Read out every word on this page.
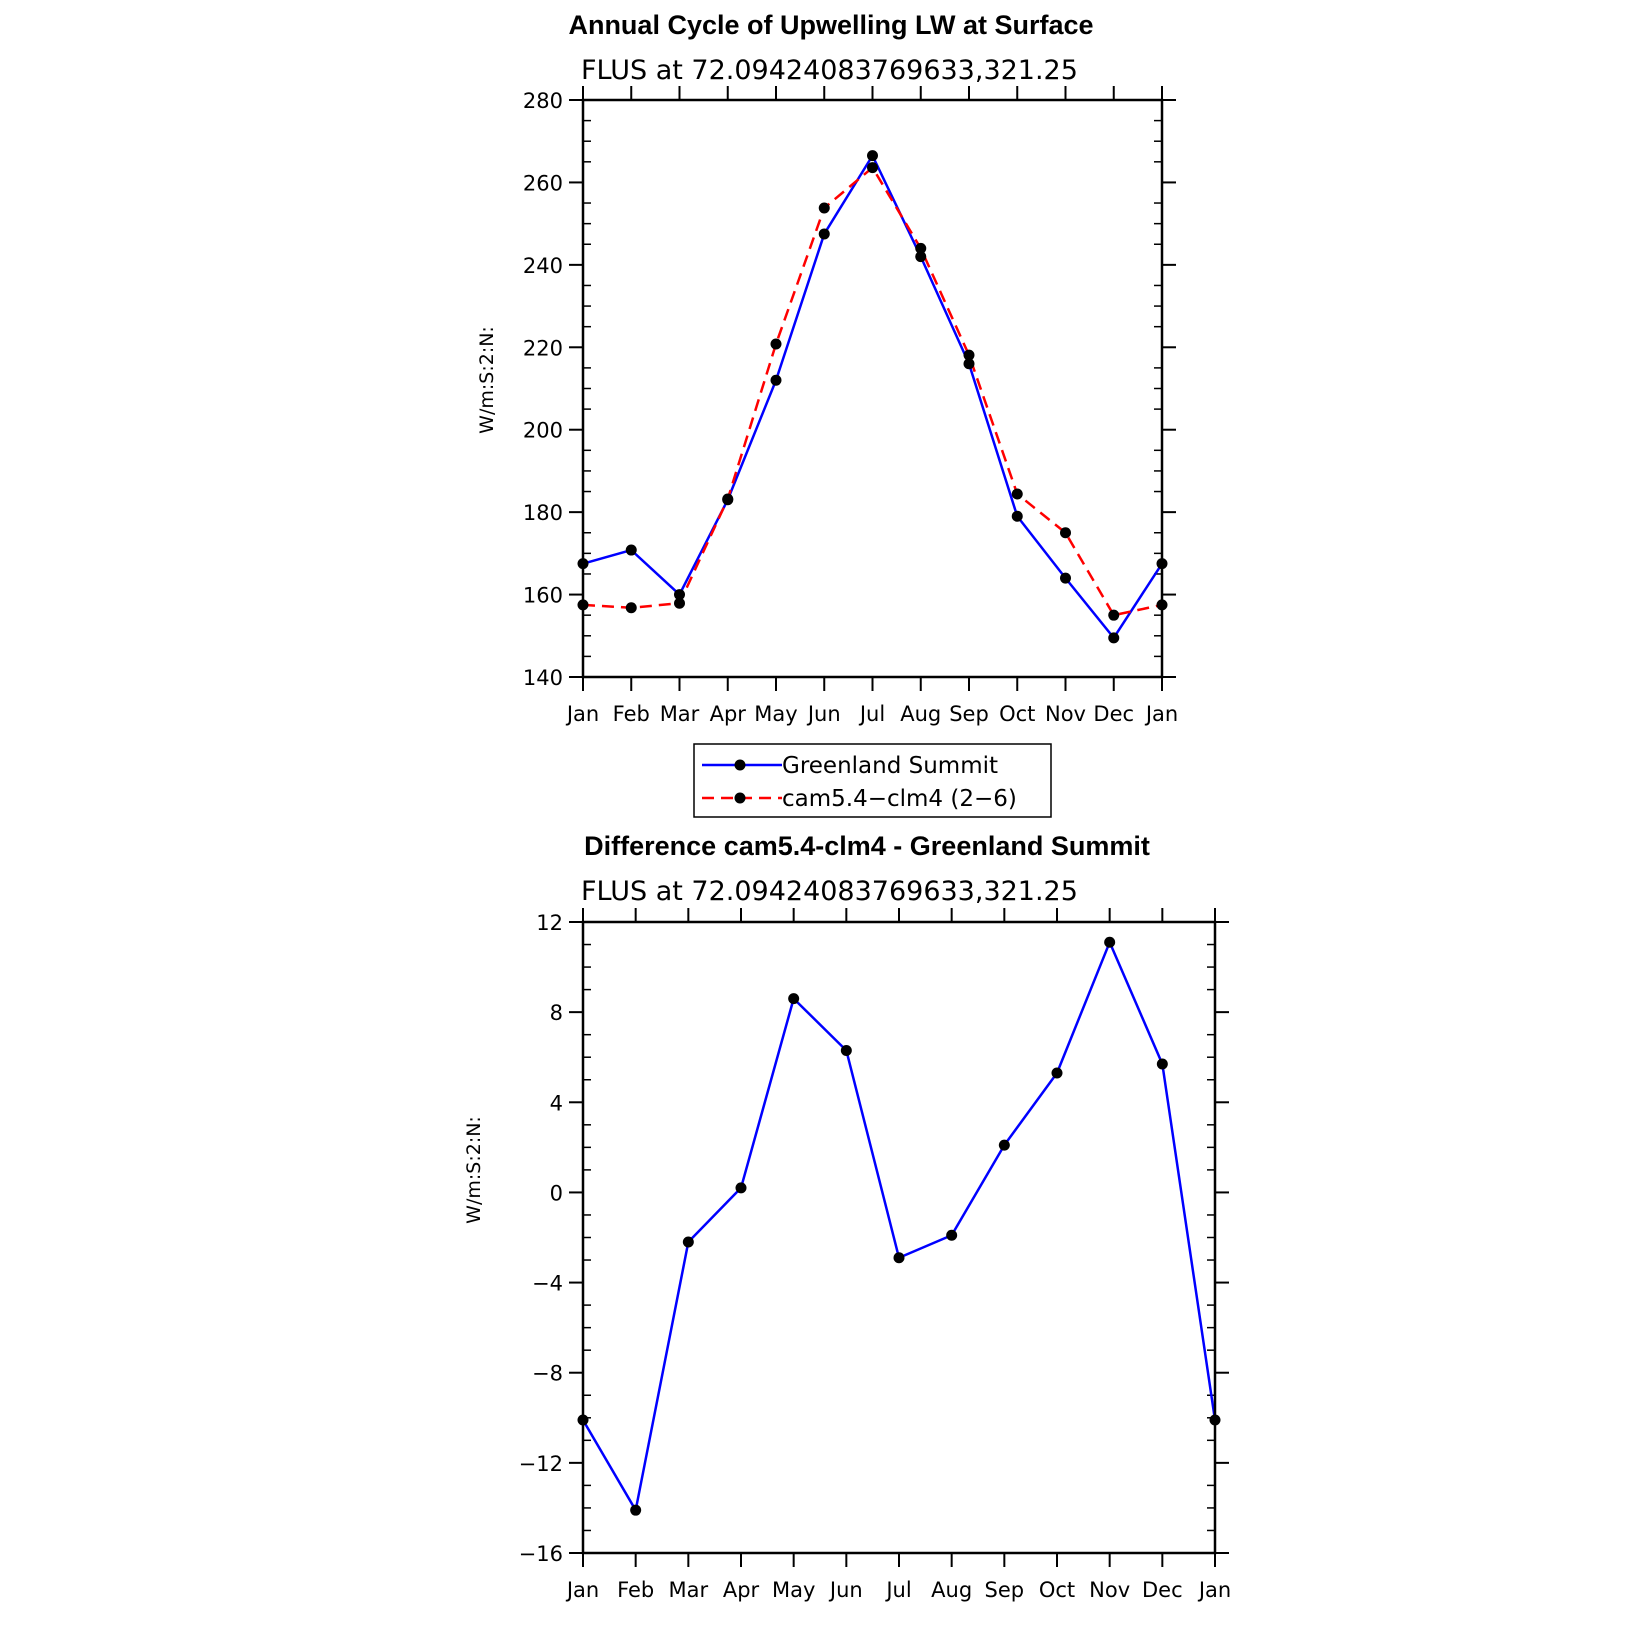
Annual Cycle of Upwelling LW at Surface
FLUS at 72.09424083769633,321.25
W/m:S:2:N:
140
160
180
200
220
240
260
280
Jan Feb Mar Apr May Jun Jul Aug Sep Oct Nov Dec Jan
Greenland Summit
cam5.4−clm4 (2−6)
Difference cam5.4-clm4 - Greenland Summit
FLUS at 72.09424083769633,321.25
W/m:S:2:N:
−16
−12
−8
−4
0
4
8
12
Jan Feb Mar Apr May Jun Jul Aug Sep Oct Nov Dec Jan
